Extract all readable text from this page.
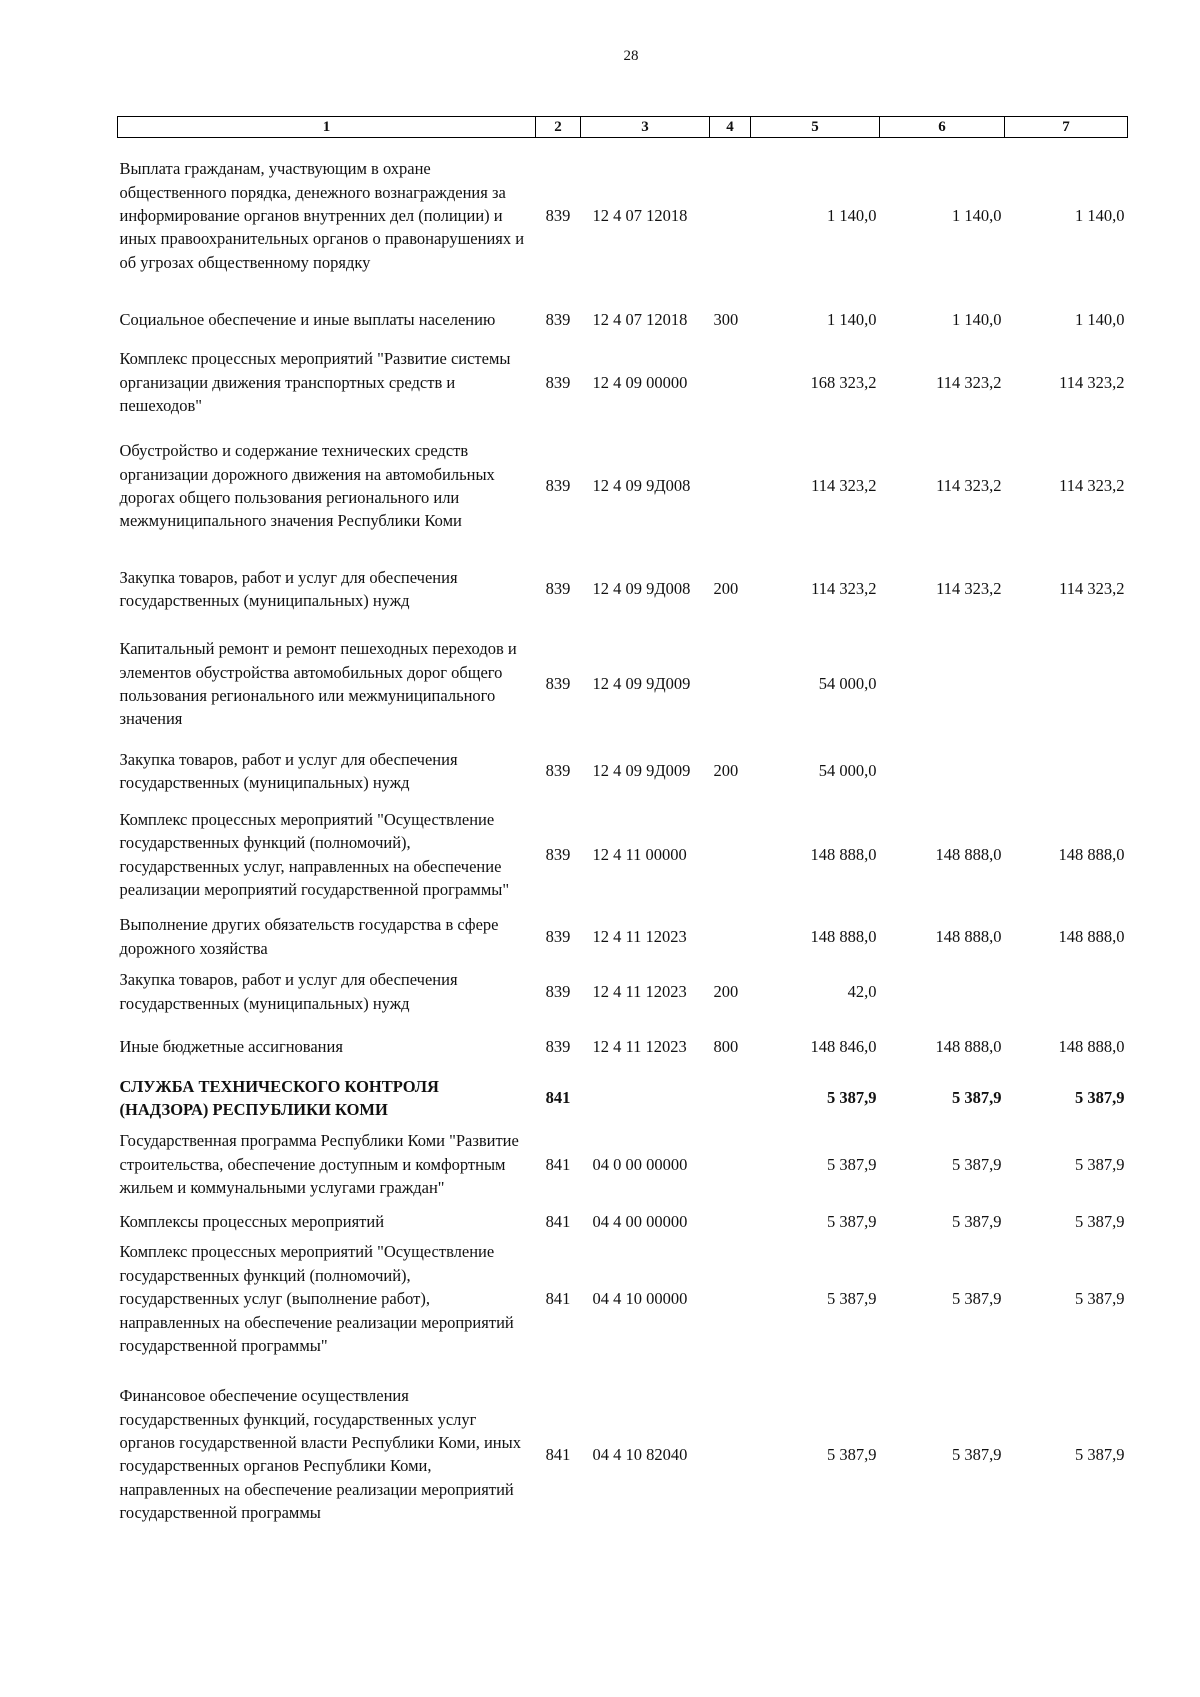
28
1	2	3	4	5	6	7
Выплата гражданам, участвующим в охране общественного порядка, денежного вознаграждения за информирование органов внутренних дел (полиции) и иных правоохранительных органов о правонарушениях и об угрозах общественному порядку	839	12 4 07 12018		1 140,0	1 140,0	1 140,0
Социальное обеспечение и иные выплаты населению	839	12 4 07 12018	300	1 140,0	1 140,0	1 140,0
Комплекс процессных мероприятий "Развитие системы организации движения транспортных средств и пешеходов"	839	12 4 09 00000		168 323,2	114 323,2	114 323,2
Обустройство и содержание технических средств организации дорожного движения на автомобильных дорогах общего пользования регионального или межмуниципального значения Республики Коми	839	12 4 09 9Д008		114 323,2	114 323,2	114 323,2
Закупка товаров, работ и услуг для обеспечения государственных (муниципальных) нужд	839	12 4 09 9Д008	200	114 323,2	114 323,2	114 323,2
Капитальный ремонт и ремонт пешеходных переходов и элементов обустройства автомобильных дорог общего пользования регионального или межмуниципального значения	839	12 4 09 9Д009		54 000,0		
Закупка товаров, работ и услуг для обеспечения государственных (муниципальных) нужд	839	12 4 09 9Д009	200	54 000,0		
Комплекс процессных мероприятий "Осуществление государственных функций (полномочий), государственных услуг, направленных на обеспечение реализации мероприятий государственной программы"	839	12 4 11 00000		148 888,0	148 888,0	148 888,0
Выполнение других обязательств государства в сфере дорожного хозяйства	839	12 4 11 12023		148 888,0	148 888,0	148 888,0
Закупка товаров, работ и услуг для обеспечения государственных (муниципальных) нужд	839	12 4 11 12023	200	42,0		
Иные бюджетные ассигнования	839	12 4 11 12023	800	148 846,0	148 888,0	148 888,0
СЛУЖБА ТЕХНИЧЕСКОГО КОНТРОЛЯ (НАДЗОРА) РЕСПУБЛИКИ КОМИ	841			5 387,9	5 387,9	5 387,9
Государственная программа Республики Коми "Развитие строительства, обеспечение доступным и комфортным жильем и коммунальными услугами граждан"	841	04 0 00 00000		5 387,9	5 387,9	5 387,9
Комплексы процессных мероприятий	841	04 4 00 00000		5 387,9	5 387,9	5 387,9
Комплекс процессных мероприятий "Осуществление государственных функций (полномочий), государственных услуг (выполнение работ), направленных на обеспечение реализации мероприятий государственной программы"	841	04 4 10 00000		5 387,9	5 387,9	5 387,9
Финансовое обеспечение осуществления государственных функций, государственных услуг органов государственной власти Республики Коми, иных государственных органов Республики Коми, направленных на обеспечение реализации мероприятий государственной программы	841	04 4 10 82040		5 387,9	5 387,9	5 387,9
